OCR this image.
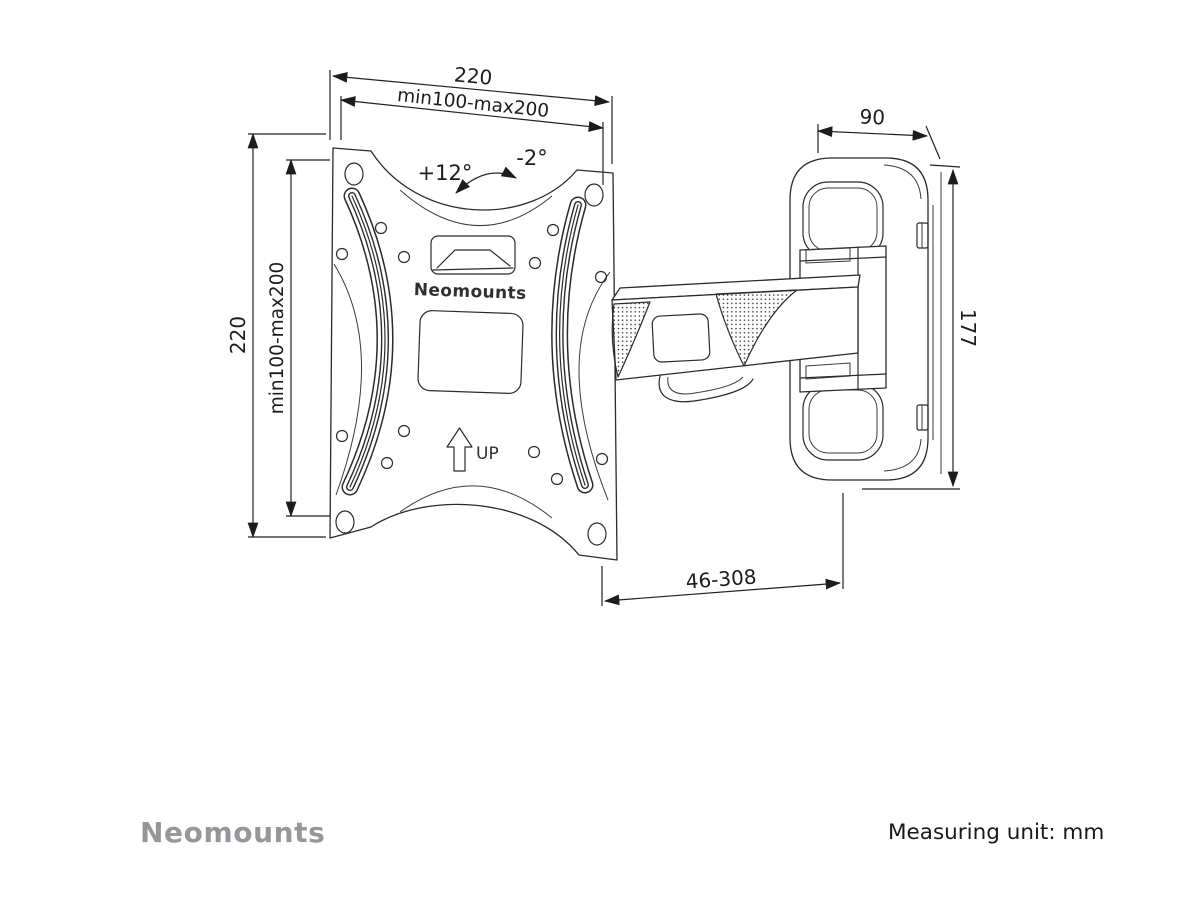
Neomounts
UP
+12°
-2°
220
min100-max200
220 min100-max200
90
177
46-308
Neomounts	Measuring unit: mm
